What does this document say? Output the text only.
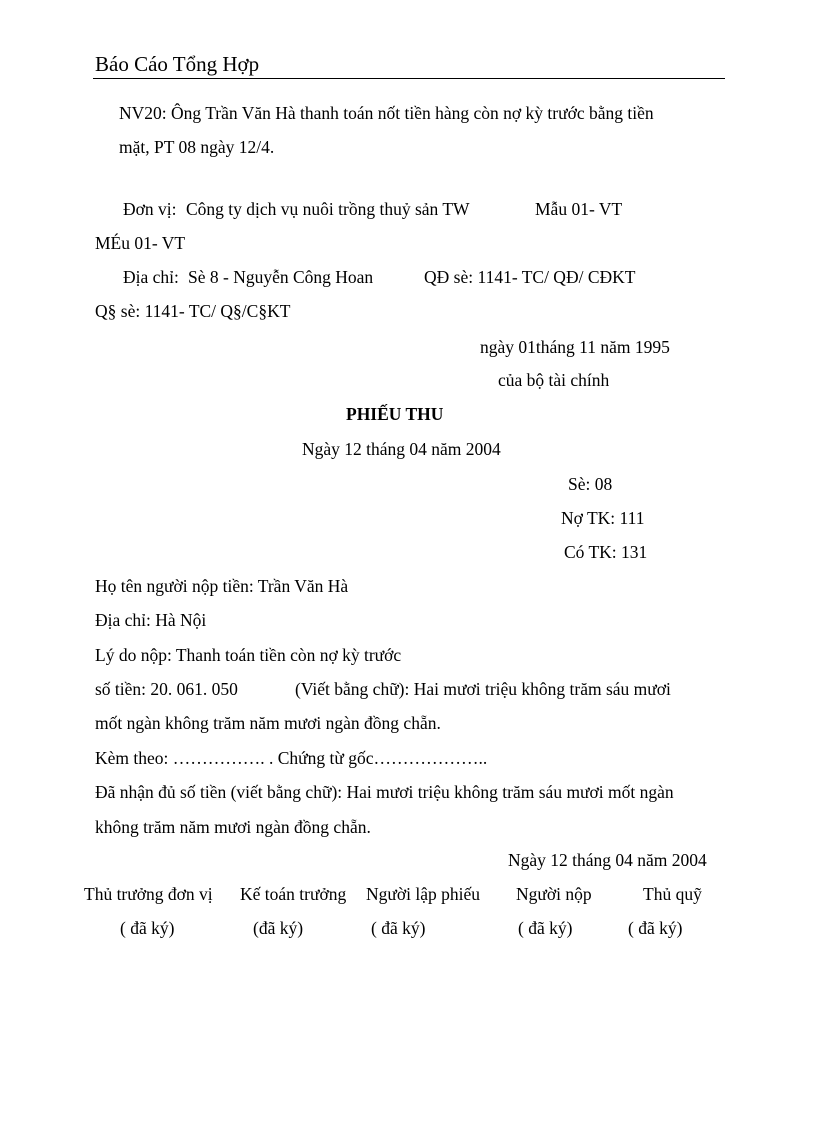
Báo Cáo Tổng Hợp
NV20: Ông Trần Văn Hà thanh toán nốt tiền hàng còn nợ kỳ trước bằng tiền
mặt, PT 08 ngày 12/4.
Đơn vị: Công ty dịch vụ nuôi trồng thuỷ sản TW	Mẫu 01- VT
MÉu 01- VT
Địa chỉ: Sè 8 - Nguyễn Công Hoan	QĐ sè: 1141- TC/ QĐ/ CĐKT
Q§ sè: 1141- TC/ Q§/C§KT
ngày 01tháng 11 năm 1995
của bộ tài chính
PHIẾU THU
Ngày 12 tháng 04 năm 2004
Sè: 08
Nợ TK: 111
Có TK: 131
Họ tên người nộp tiền: Trần Văn Hà
Địa chỉ: Hà Nội
Lý do nộp: Thanh toán tiền còn nợ kỳ trước
số tiền: 20. 061. 050	(Viết bằng chữ): Hai mươi triệu không trăm sáu mươi
mốt ngàn không trăm năm mươi ngàn đồng chẵn.
Kèm theo: ……………. . Chứng từ gốc………………..
Đã nhận đủ số tiền (viết bằng chữ): Hai mươi triệu không trăm sáu mươi mốt ngàn
không trăm năm mươi ngàn đồng chẵn.
Ngày 12 tháng 04 năm 2004
Thủ trưởng đơn vị Kế toán trưởng Người lập phiếu Người nộp	Thủ quỹ
( đã ký)	(đã ký)	( đã ký)	( đã ký)	( đã ký)
